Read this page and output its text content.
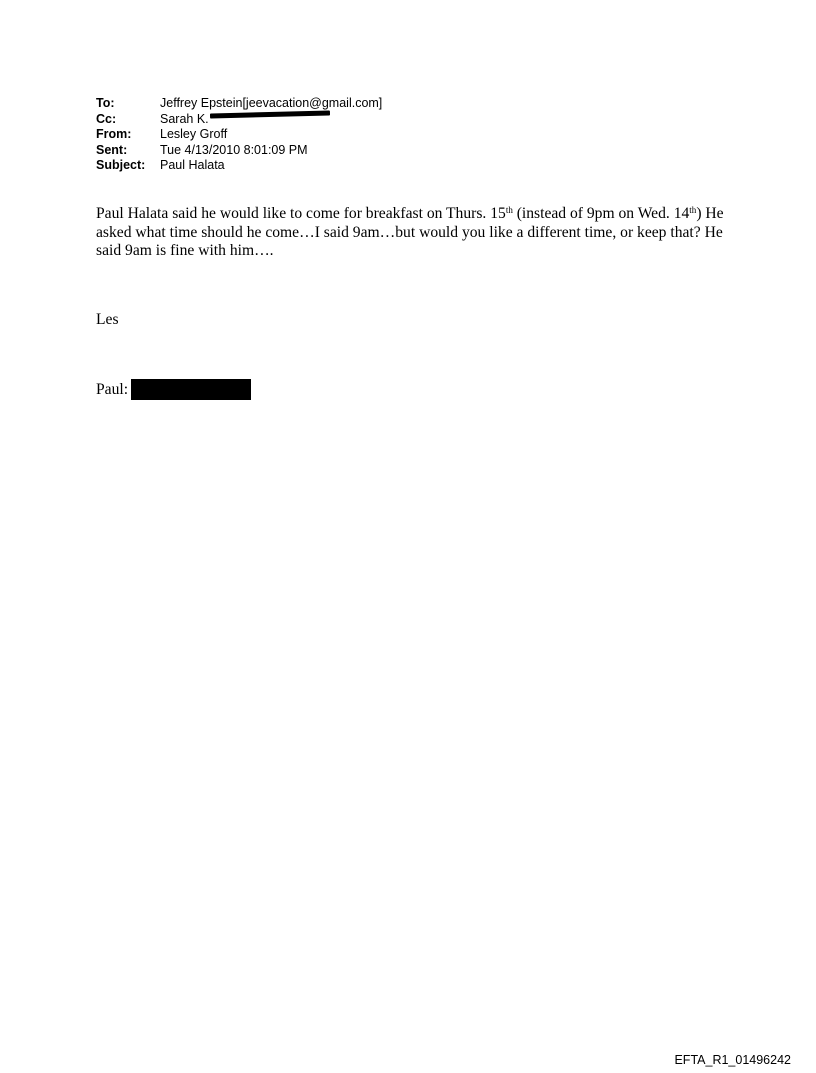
To:	Jeffrey Epstein[jeevacation@gmail.com]
Cc:	Sarah K.
From:	Lesley Groff
Sent:	Tue 4/13/2010 8:01:09 PM
Subject:	Paul Halata
Paul Halata said he would like to come for breakfast on Thurs. 15th (instead of 9pm on Wed. 14th) He asked what time should he come…I said 9am…but would you like a different time, or keep that? He said 9am is fine with him….
Les
Paul:
EFTA_R1_01496242
